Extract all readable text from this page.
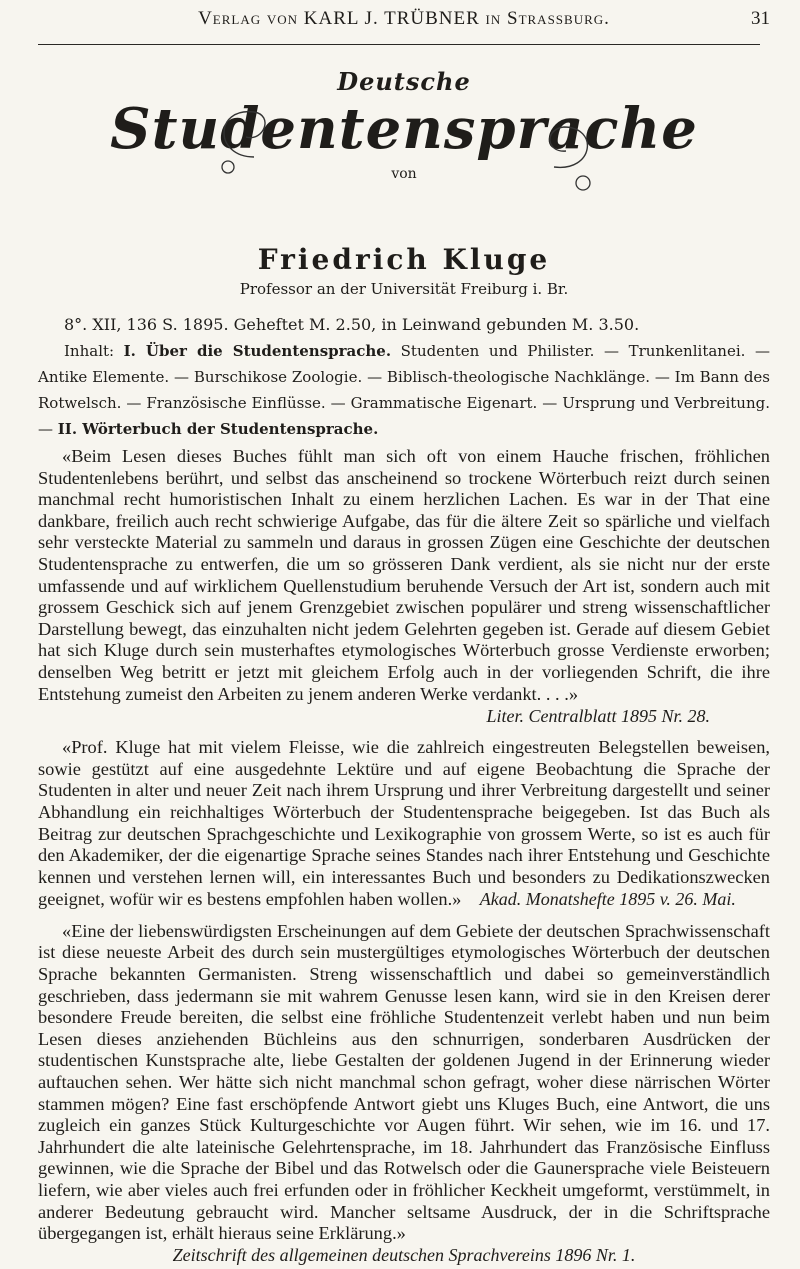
Verlag von KARL J. TRÜBNER in Strassburg.	31
Deutsche
Studentensprache
von
Friedrich Kluge
Professor an der Universität Freiburg i. Br.

8°. XII, 136 S. 1895. Geheftet M. 2.50, in Leinwand gebunden M. 3.50.

Inhalt: I. Über die Studentensprache. Studenten und Philister. — Trunkenlitanei. — Antike Elemente. — Burschikose Zoologie. — Biblisch-theologische Nachklänge. — Im Bann des Rotwelsch. — Französische Einflüsse. — Grammatische Eigenart. — Ursprung und Verbreitung. — II. Wörterbuch der Studentensprache.

«Beim Lesen dieses Buches fühlt man sich oft von einem Hauche frischen, fröhlichen Studentenlebens berührt, und selbst das anscheinend so trockene Wörterbuch reizt durch seinen manchmal recht humoristischen Inhalt zu einem herzlichen Lachen. Es war in der That eine dankbare, freilich auch recht schwierige Aufgabe, das für die ältere Zeit so spärliche und vielfach sehr versteckte Material zu sammeln und daraus in grossen Zügen eine Geschichte der deutschen Studentensprache zu entwerfen, die um so grösseren Dank verdient, als sie nicht nur der erste umfassende und auf wirklichem Quellenstudium beruhende Versuch der Art ist, sondern auch mit grossem Geschick sich auf jenem Grenzgebiet zwischen populärer und streng wissenschaftlicher Darstellung bewegt, das einzuhalten nicht jedem Gelehrten gegeben ist. Gerade auf diesem Gebiet hat sich Kluge durch sein musterhaftes etymologisches Wörterbuch grosse Verdienste erworben; denselben Weg betritt er jetzt mit gleichem Erfolg auch in der vorliegenden Schrift, die ihre Entstehung zumeist den Arbeiten zu jenem anderen Werke verdankt. . . .»

Liter. Centralblatt 1895 Nr. 28.

«Prof. Kluge hat mit vielem Fleisse, wie die zahlreich eingestreuten Belegstellen beweisen, sowie gestützt auf eine ausgedehnte Lektüre und auf eigene Beobachtung die Sprache der Studenten in alter und neuer Zeit nach ihrem Ursprung und ihrer Verbreitung dargestellt und seiner Abhandlung ein reichhaltiges Wörterbuch der Studentensprache beigegeben. Ist das Buch als Beitrag zur deutschen Sprachgeschichte und Lexikographie von grossem Werte, so ist es auch für den Akademiker, der die eigenartige Sprache seines Standes nach ihrer Entstehung und Geschichte kennen und verstehen lernen will, ein interessantes Buch und besonders zu Dedikationszwecken geeignet, wofür wir es bestens empfohlen haben wollen.» Akad. Monatshefte 1895 v. 26. Mai.

«Eine der liebenswürdigsten Erscheinungen auf dem Gebiete der deutschen Sprachwissenschaft ist diese neueste Arbeit des durch sein mustergültiges etymologisches Wörterbuch der deutschen Sprache bekannten Germanisten. Streng wissenschaftlich und dabei so gemeinverständlich geschrieben, dass jedermann sie mit wahrem Genusse lesen kann, wird sie in den Kreisen derer besondere Freude bereiten, die selbst eine fröhliche Studentenzeit verlebt haben und nun beim Lesen dieses anziehenden Büchleins aus den schnurrigen, sonderbaren Ausdrücken der studentischen Kunstsprache alte, liebe Gestalten der goldenen Jugend in der Erinnerung wieder auftauchen sehen. Wer hätte sich nicht manchmal schon gefragt, woher diese närrischen Wörter stammen mögen? Eine fast erschöpfende Antwort giebt uns Kluges Buch, eine Antwort, die uns zugleich ein ganzes Stück Kulturgeschichte vor Augen führt. Wir sehen, wie im 16. und 17. Jahrhundert die alte lateinische Gelehrtensprache, im 18. Jahrhundert das Französische Einfluss gewinnen, wie die Sprache der Bibel und das Rotwelsch oder die Gaunersprache viele Beisteuern liefern, wie aber vieles auch frei erfunden oder in fröhlicher Keckheit umgeformt, verstümmelt, in anderer Bedeutung gebraucht wird. Mancher seltsame Ausdruck, der in die Schriftsprache übergegangen ist, erhält hieraus seine Erklärung.»

Zeitschrift des allgemeinen deutschen Sprachvereins 1896 Nr. 1.
